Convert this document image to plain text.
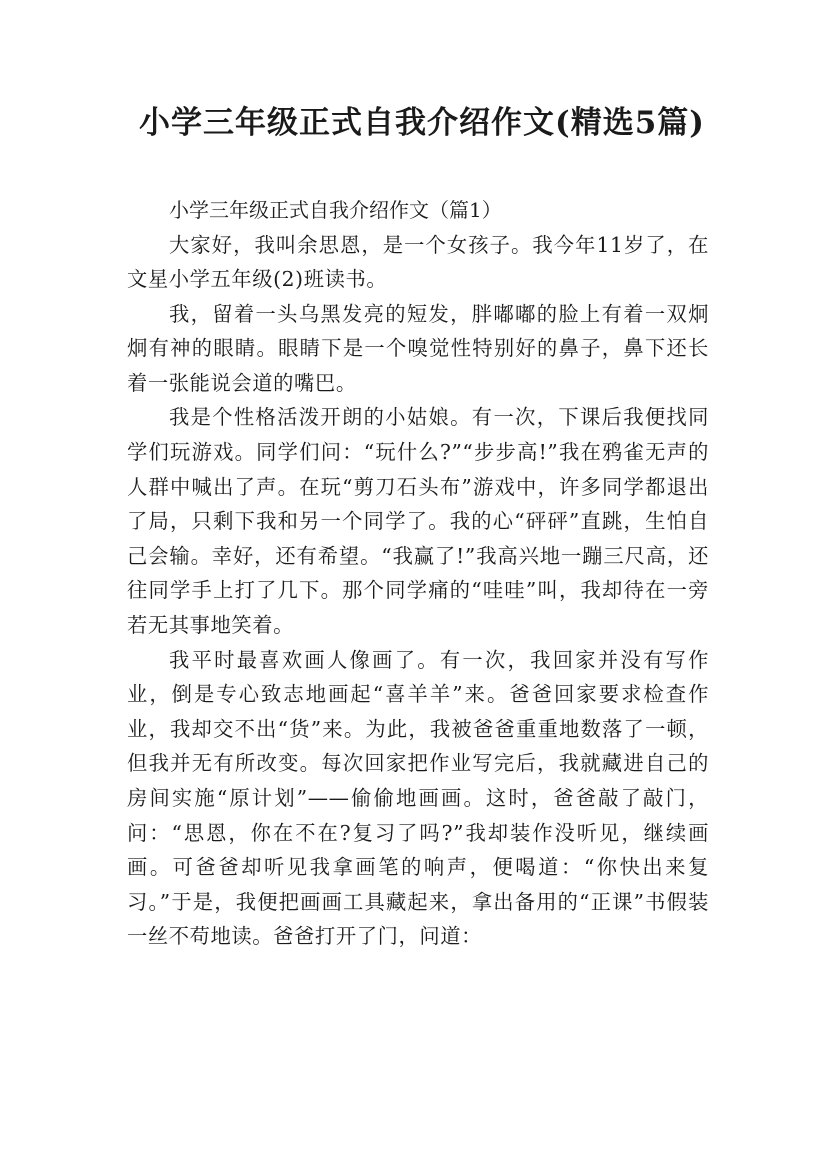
小学三年级正式自我介绍作文(精选5篇)

小学三年级正式自我介绍作文（篇1）

大家好，我叫余思恩，是一个女孩子。我今年11岁了，在文星小学五年级(2)班读书。

我，留着一头乌黑发亮的短发，胖嘟嘟的脸上有着一双炯炯有神的眼睛。眼睛下是一个嗅觉性特别好的鼻子，鼻下还长着一张能说会道的嘴巴。

我是个性格活泼开朗的小姑娘。有一次，下课后我便找同学们玩游戏。同学们问：“玩什么?”“步步高!”我在鸦雀无声的人群中喊出了声。在玩“剪刀石头布”游戏中，许多同学都退出了局，只剩下我和另一个同学了。我的心“砰砰”直跳，生怕自己会输。幸好，还有希望。“我赢了!”我高兴地一蹦三尺高，还往同学手上打了几下。那个同学痛的“哇哇”叫，我却待在一旁若无其事地笑着。

我平时最喜欢画人像画了。有一次，我回家并没有写作业，倒是专心致志地画起“喜羊羊”来。爸爸回家要求检查作业，我却交不出“货”来。为此，我被爸爸重重地数落了一顿，但我并无有所改变。每次回家把作业写完后，我就藏进自己的房间实施“原计划”——偷偷地画画。这时，爸爸敲了敲门，问：“思恩，你在不在?复习了吗?”我却装作没听见，继续画画。可爸爸却听见我拿画笔的响声，便喝道：“你快出来复习。”于是，我便把画画工具藏起来，拿出备用的“正课”书假装一丝不苟地读。爸爸打开了门，问道：
